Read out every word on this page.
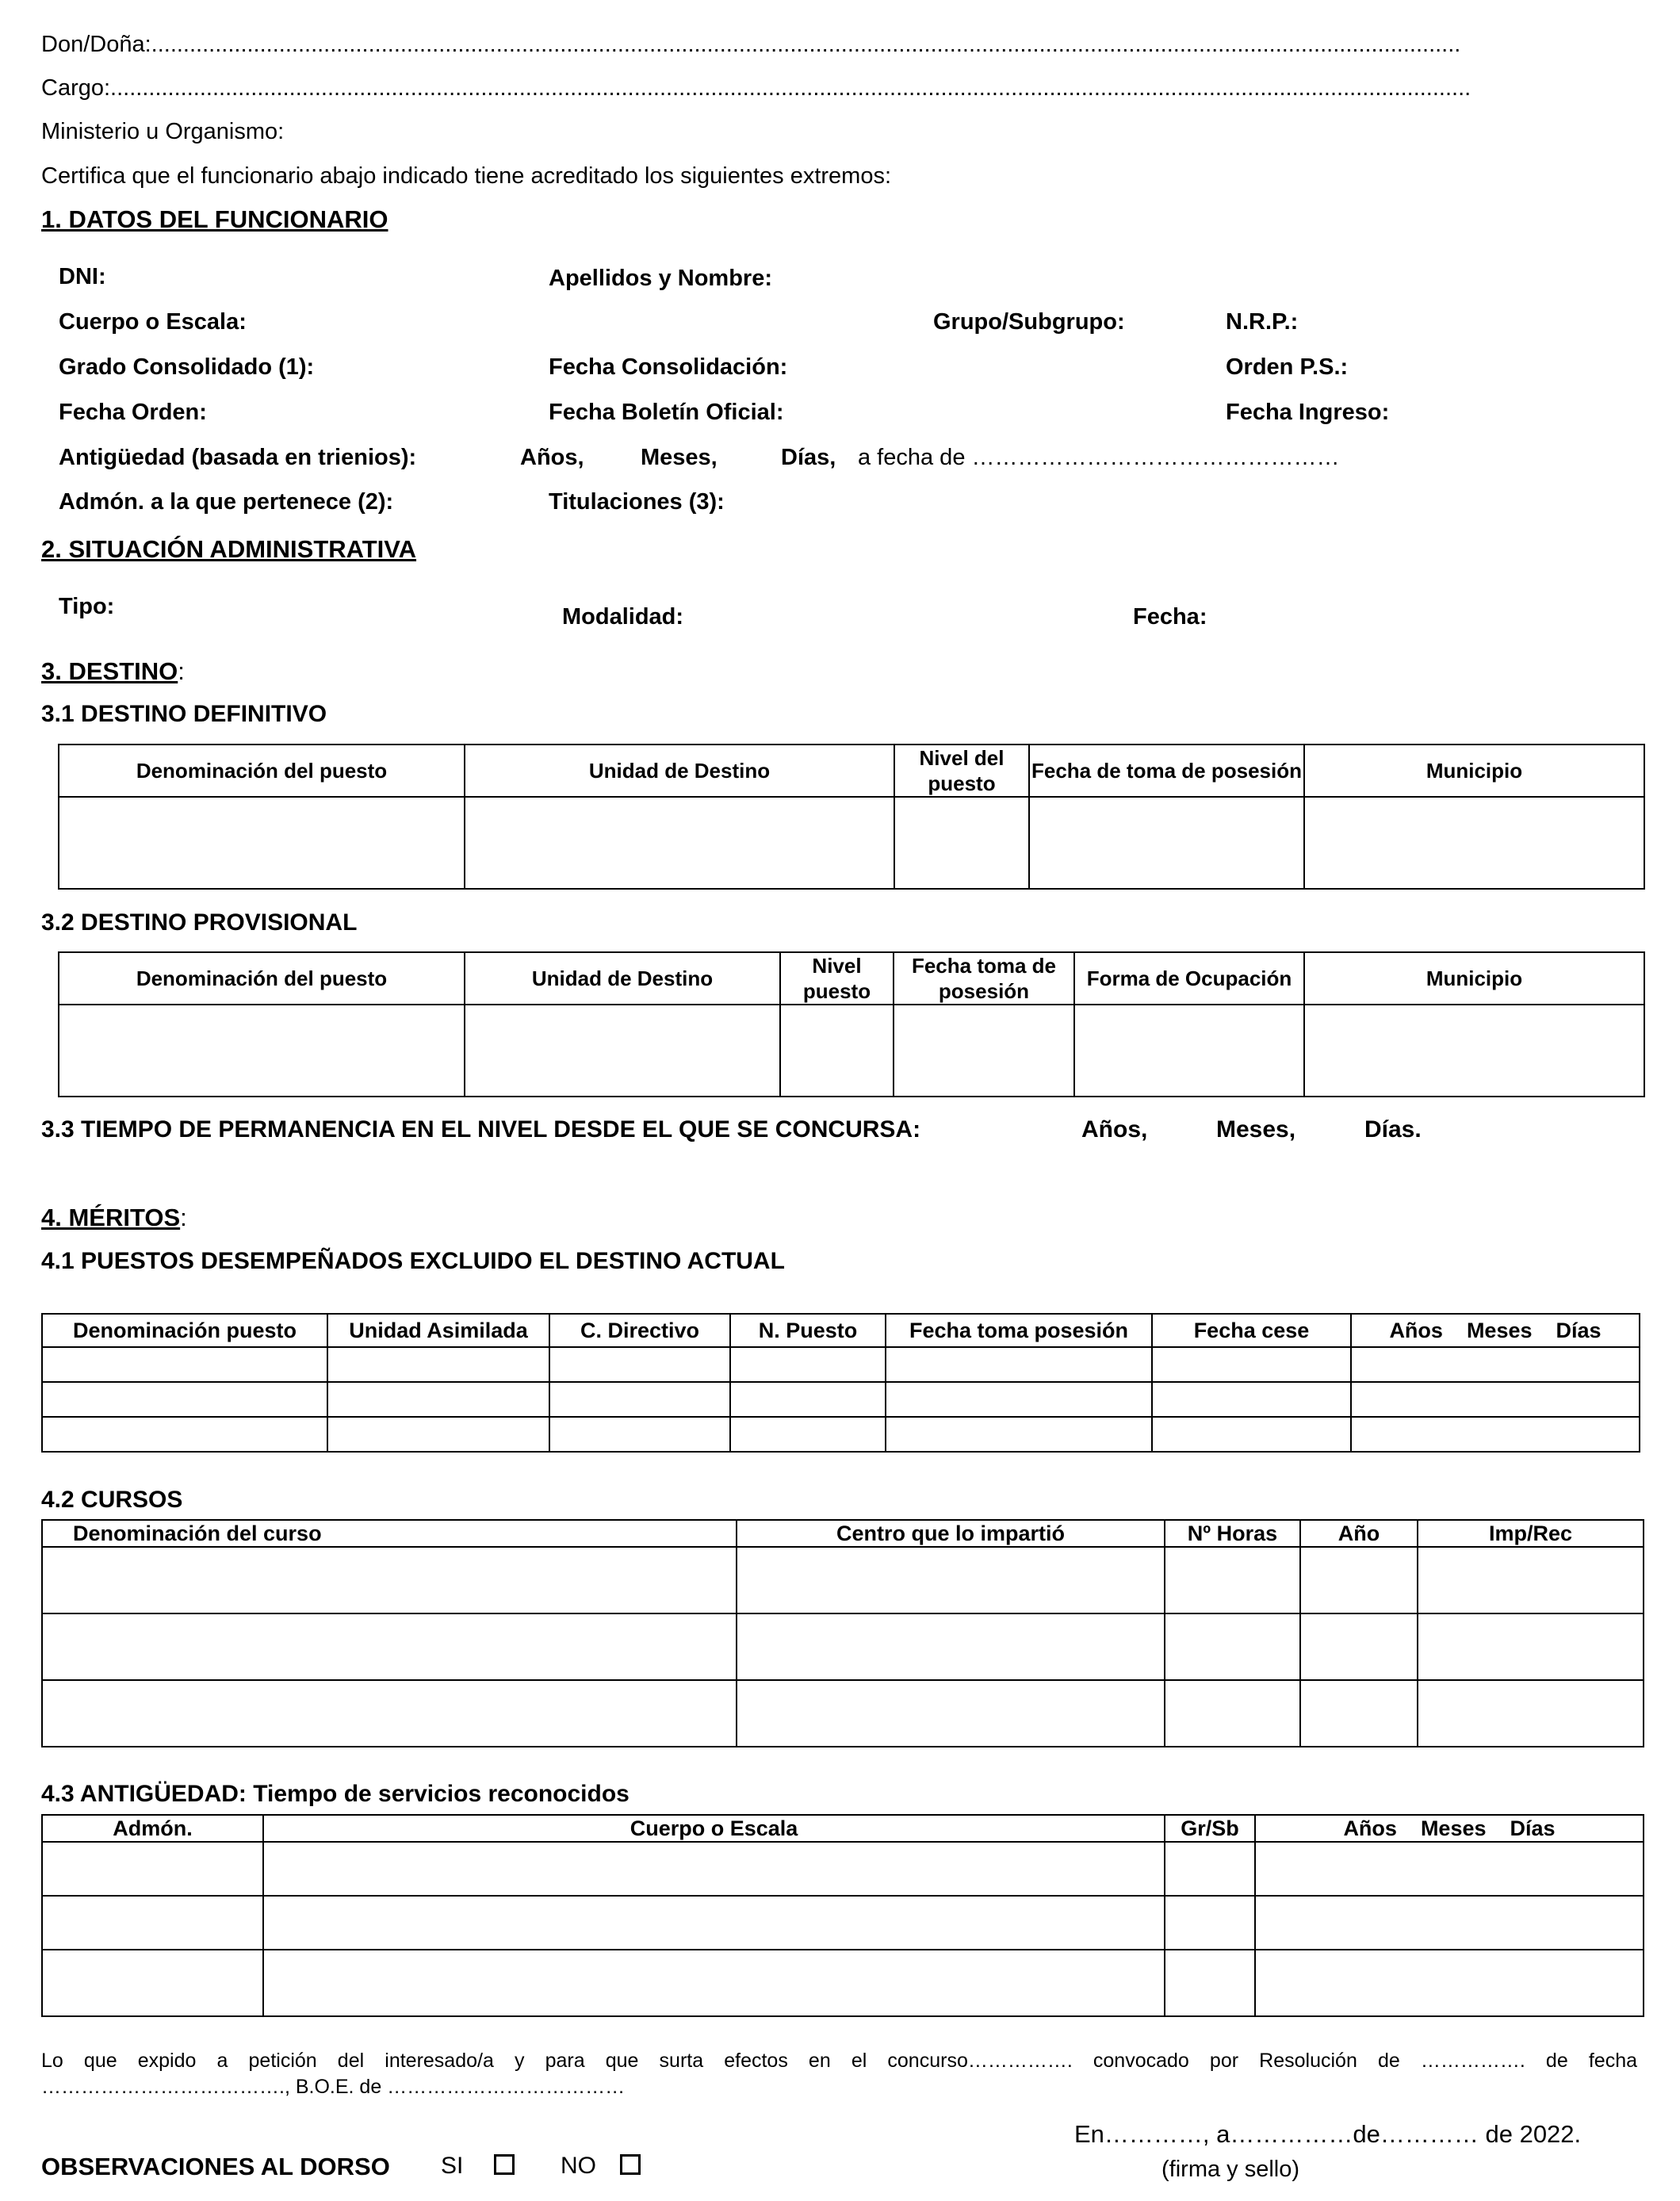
Don/Doña:.............................................................................................................................................................................................................
Cargo:.....................................................................................................................................................................................................................
Ministerio u Organismo:
Certifica que el funcionario abajo indicado tiene acreditado los siguientes extremos:
1. DATOS DEL FUNCIONARIO
DNI:	Apellidos y Nombre:
Cuerpo o Escala:	Grupo/Subgrupo:	N.R.P.:
Grado Consolidado (1):	Fecha Consolidación:	Orden P.S.:
Fecha Orden:	Fecha Boletín Oficial:	Fecha Ingreso:
Antigüedad (basada en trienios):	Años, Meses,	Días, a fecha de …………………………………………
Admón. a la que pertenece (2):	Titulaciones (3):
2. SITUACIÓN ADMINISTRATIVA
Tipo:	Modalidad:	Fecha:
3. DESTINO:
3.1 DESTINO DEFINITIVO
Denominación del puesto	Unidad de Destino	Nivel del puesto	Fecha de toma de posesión	Municipio

3.2 DESTINO PROVISIONAL
Denominación del puesto	Unidad de Destino	Nivel puesto	Fecha toma de posesión	Forma de Ocupación	Municipio

3.3 TIEMPO DE PERMANENCIA EN EL NIVEL DESDE EL QUE SE CONCURSA:	Años,	Meses,	Días.
4. MÉRITOS:
4.1 PUESTOS DESEMPEÑADOS EXCLUIDO EL DESTINO ACTUAL
Denominación puesto	Unidad Asimilada	C. Directivo	N. Puesto	Fecha toma posesión	Fecha cese	Años    Meses    Días

4.2 CURSOS
Denominación del curso	Centro que lo impartió	Nº Horas	Año	Imp/Rec

4.3 ANTIGÜEDAD: Tiempo de servicios reconocidos
Admón.	Cuerpo o Escala	Gr/Sb	Años    Meses    Días

Lo que expido a petición del interesado/a y para que surta efectos en el concurso……………. convocado por Resolución de ……………. de fecha
………………………………., B.O.E. de ………………………………
En…………, a……………de………… de 2022.
(firma y sello)
OBSERVACIONES AL DORSO SI	NO
